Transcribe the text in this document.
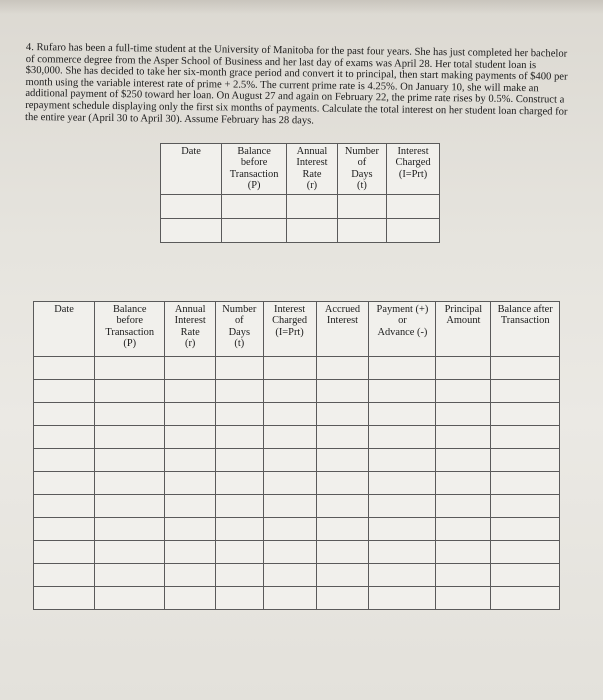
4. Rufaro has been a full-time student at the University of Manitoba for the past four years. She has just completed her bachelor of commerce degree from the Asper School of Business and her last day of exams was April 28. Her total student loan is $30,000. She has decided to take her six-month grace period and convert it to principal, then start making payments of $400 per month using the variable interest rate of prime + 2.5%. The current prime rate is 4.25%. On January 10, she will make an additional payment of $250 toward her loan. On August 27 and again on February 22, the prime rate rises by 0.5%. Construct a repayment schedule displaying only the first six months of payments. Calculate the total interest on her student loan charged for the entire year (April 30 to April 30). Assume February has 28 days.

Date	Balance
before
Transaction
(P)	Annual
Interest
Rate
(r)	Number
of
Days
(t)	Interest
Charged
(I=Prt)

Date	Balance
before
Transaction
(P)	Annual
Interest
Rate
(r)	Number
of
Days
(t)	Interest
Charged
(I=Prt)	Accrued
Interest	Payment (+)
or
Advance (-)	Principal
Amount	Balance after
Transaction
